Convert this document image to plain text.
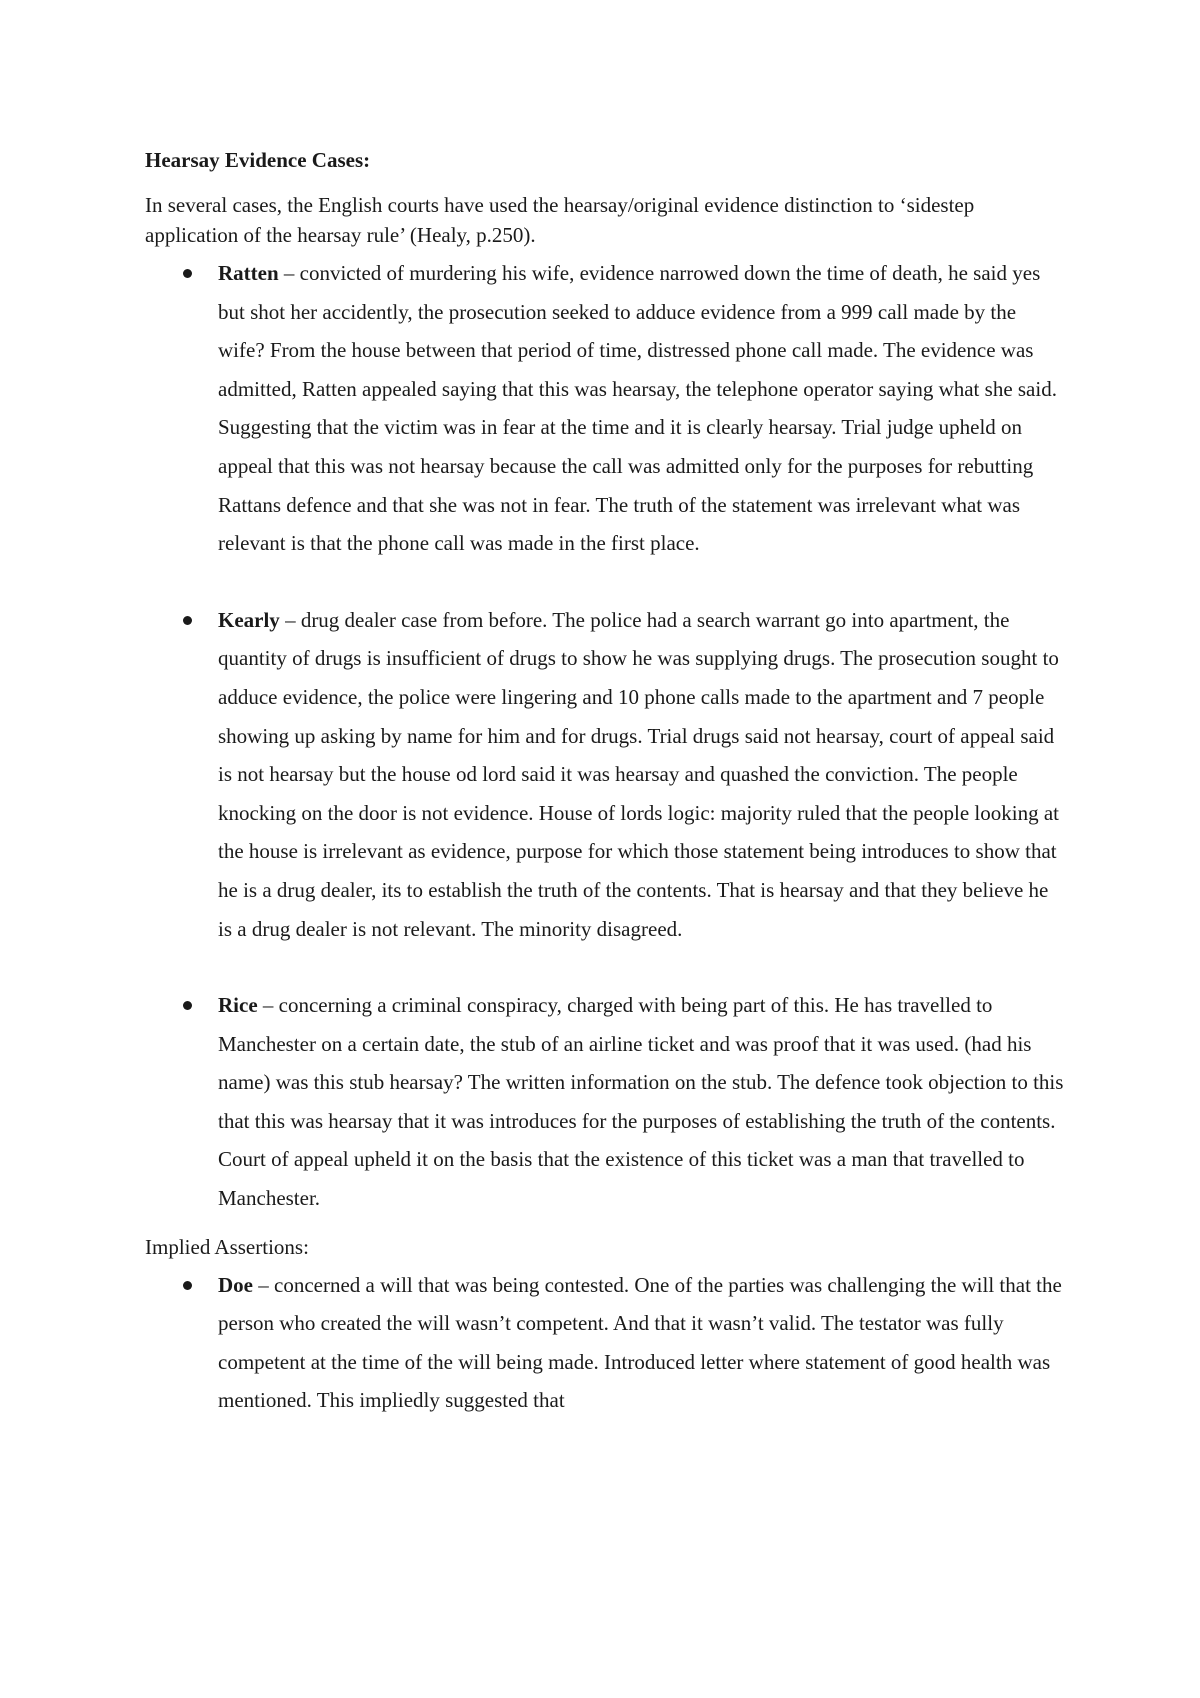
Hearsay Evidence Cases:
In several cases, the English courts have used the hearsay/original evidence distinction to ‘sidestep application of the hearsay rule’ (Healy, p.250).
Ratten – convicted of murdering his wife, evidence narrowed down the time of death, he said yes but shot her accidently, the prosecution seeked to adduce evidence from a 999 call made by the wife? From the house between that period of time, distressed phone call made. The evidence was admitted, Ratten appealed saying that this was hearsay, the telephone operator saying what she said. Suggesting that the victim was in fear at the time and it is clearly hearsay. Trial judge upheld on appeal that this was not hearsay because the call was admitted only for the purposes for rebutting Rattans defence and that she was not in fear. The truth of the statement was irrelevant what was relevant is that the phone call was made in the first place.
Kearly – drug dealer case from before. The police had a search warrant go into apartment, the quantity of drugs is insufficient of drugs to show he was supplying drugs. The prosecution sought to adduce evidence, the police were lingering and 10 phone calls made to the apartment and 7 people showing up asking by name for him and for drugs. Trial drugs said not hearsay, court of appeal said is not hearsay but the house od lord said it was hearsay and quashed the conviction. The people knocking on the door is not evidence. House of lords logic: majority ruled that the people looking at the house is irrelevant as evidence, purpose for which those statement being introduces to show that he is a drug dealer, its to establish the truth of the contents. That is hearsay and that they believe he is a drug dealer is not relevant. The minority disagreed.
Rice – concerning a criminal conspiracy, charged with being part of this. He has travelled to Manchester on a certain date, the stub of an airline ticket and was proof that it was used. (had his name) was this stub hearsay? The written information on the stub. The defence took objection to this that this was hearsay that it was introduces for the purposes of establishing the truth of the contents. Court of appeal upheld it on the basis that the existence of this ticket was a man that travelled to Manchester.
Implied Assertions:
Doe – concerned a will that was being contested. One of the parties was challenging the will that the person who created the will wasn’t competent. And that it wasn’t valid. The testator was fully competent at the time of the will being made. Introduced letter where statement of good health was mentioned. This impliedly suggested that
